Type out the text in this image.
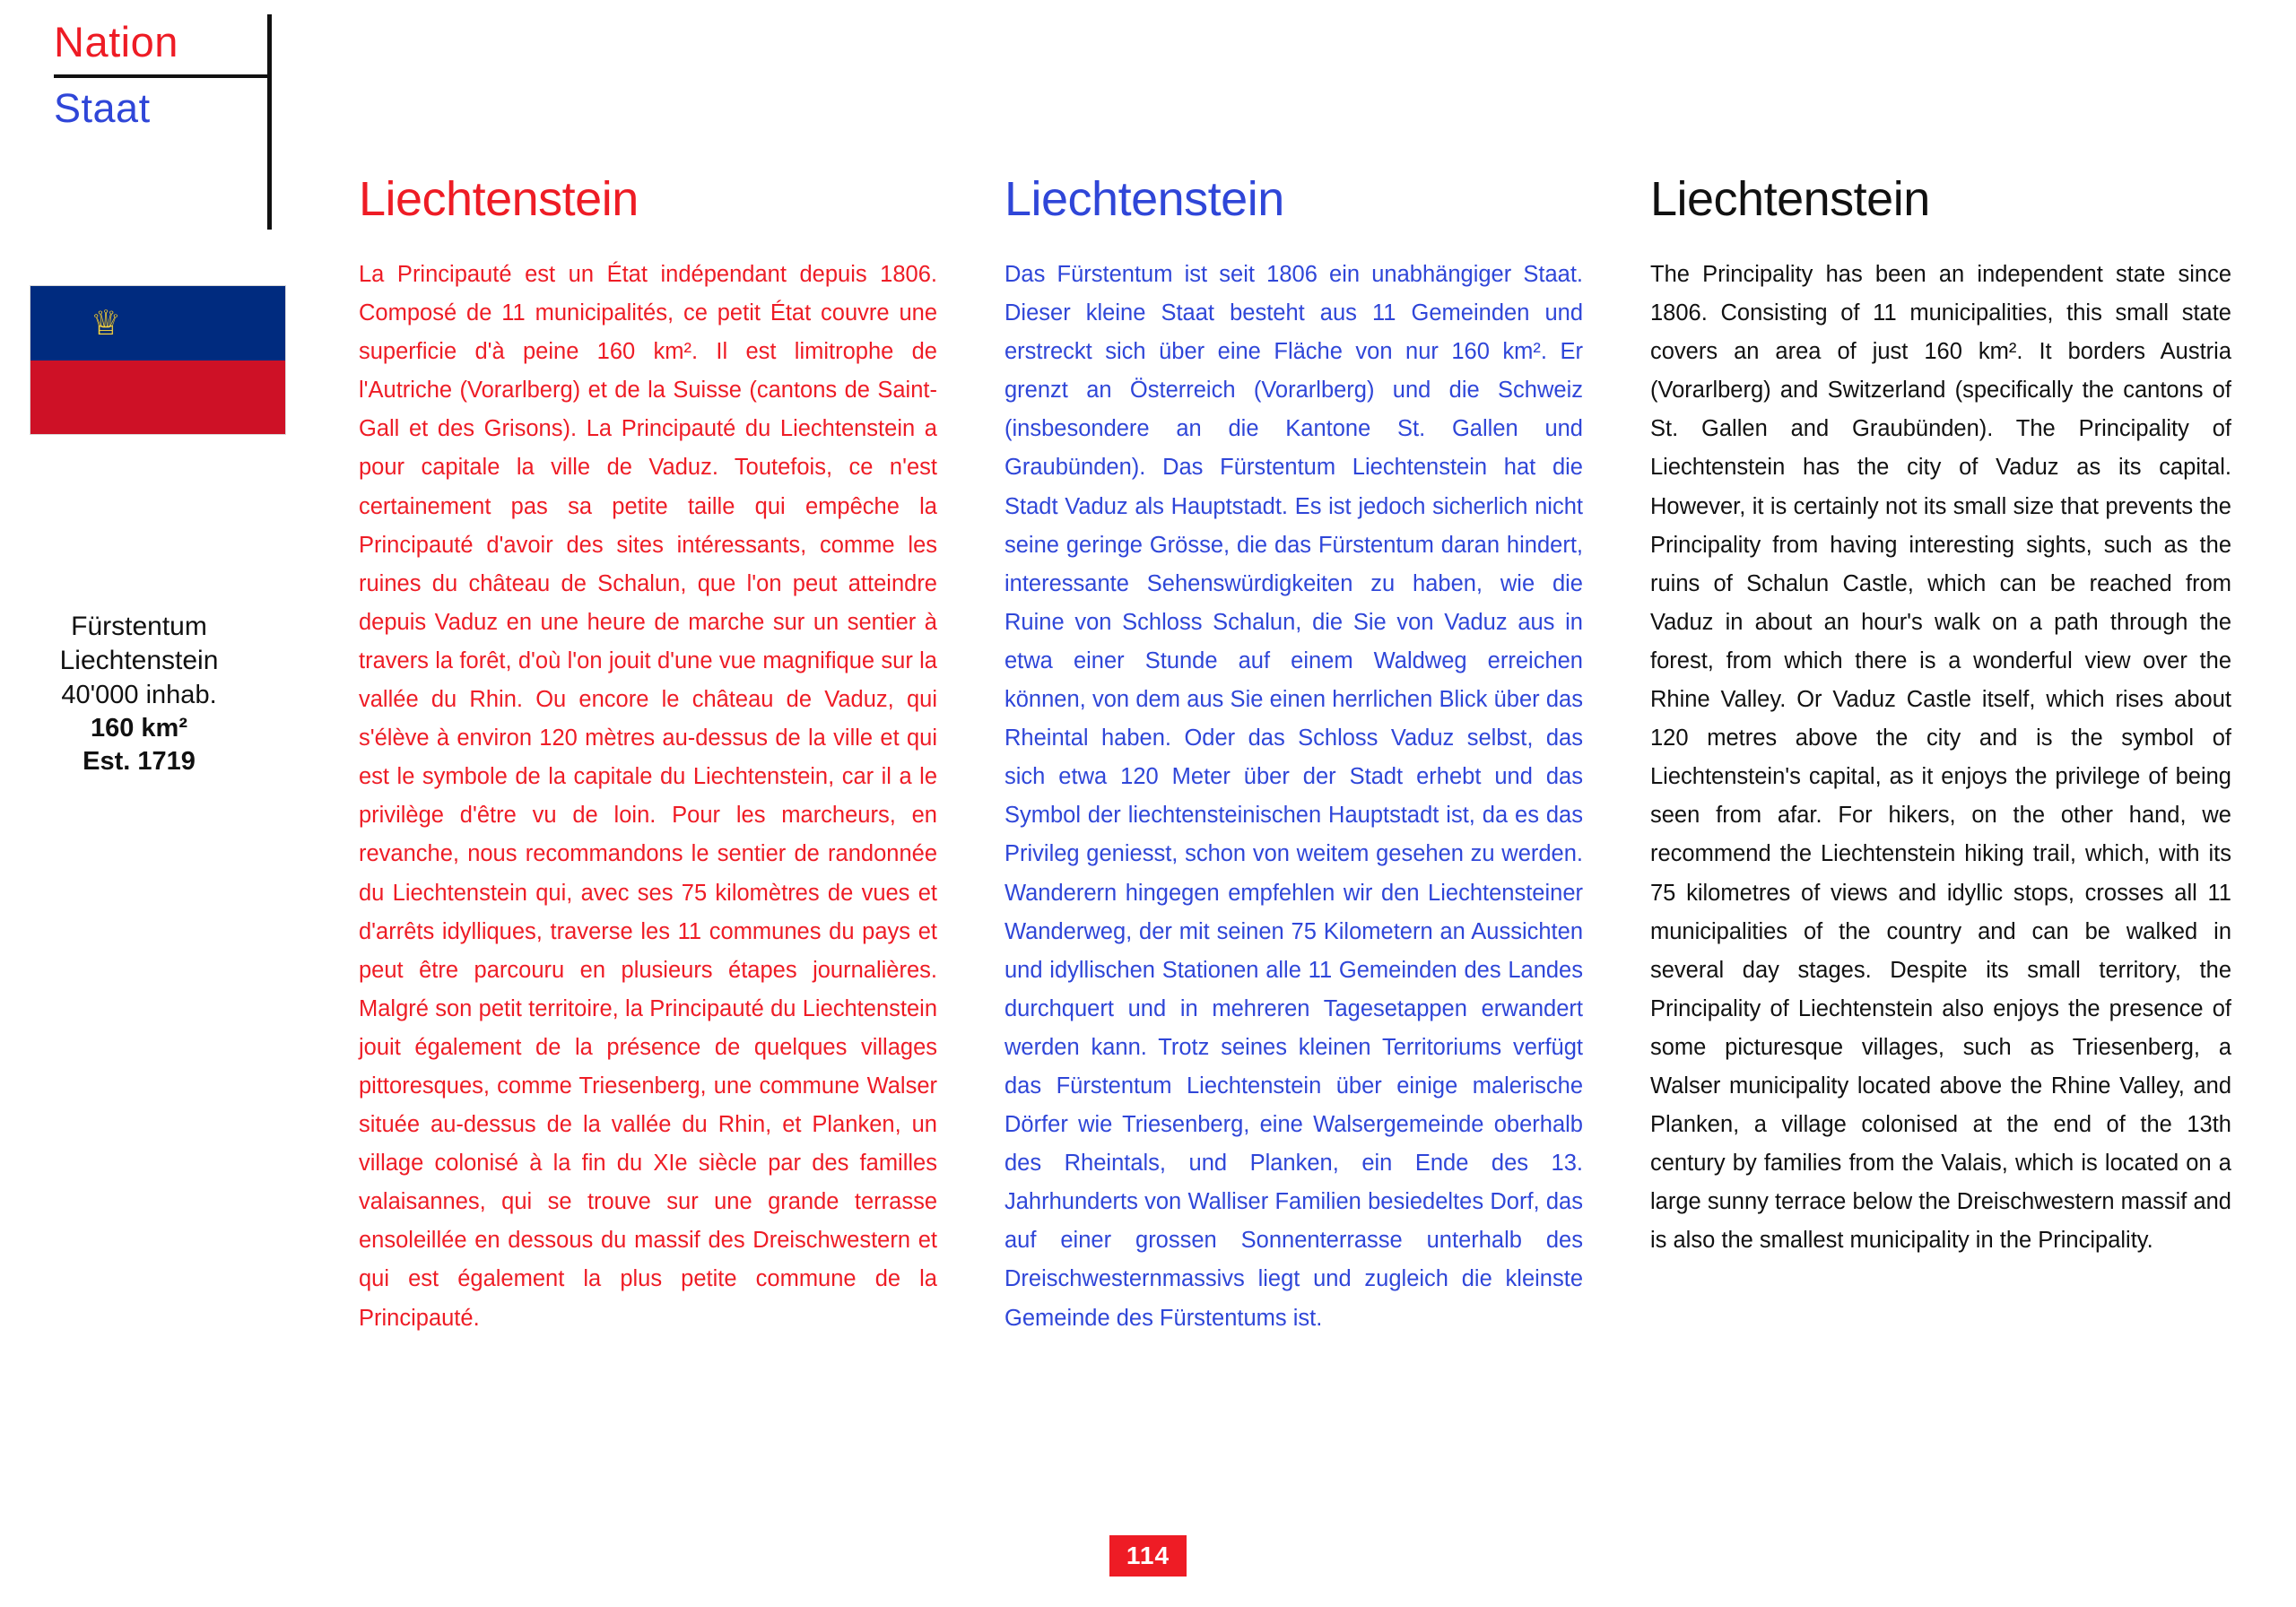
Nation
Staat
♕
Fürstentum
Liechtenstein
40'000 inhab.
160 km²
Est. 1719
Liechtenstein

La Principauté est un État indépendant depuis 1806. Composé de 11 municipalités, ce petit État couvre une superficie d'à peine 160 km². Il est limitrophe de l'Autriche (Vorarlberg) et de la Suisse (cantons de Saint-Gall et des Grisons). La Principauté du Liechtenstein a pour capitale la ville de Vaduz. Toutefois, ce n'est certainement pas sa petite taille qui empêche la Principauté d'avoir des sites intéressants, comme les ruines du château de Schalun, que l'on peut atteindre depuis Vaduz en une heure de marche sur un sentier à travers la forêt, d'où l'on jouit d'une vue magnifique sur la vallée du Rhin. Ou encore le château de Vaduz, qui s'élève à environ 120 mètres au-dessus de la ville et qui est le symbole de la capitale du Liechtenstein, car il a le privilège d'être vu de loin. Pour les marcheurs, en revanche, nous recommandons le sentier de randonnée du Liechtenstein qui, avec ses 75 kilomètres de vues et d'arrêts idylliques, traverse les 11 communes du pays et peut être parcouru en plusieurs étapes journalières. Malgré son petit territoire, la Principauté du Liechtenstein jouit également de la présence de quelques villages pittoresques, comme Triesenberg, une commune Walser située au-dessus de la vallée du Rhin, et Planken, un village colonisé à la fin du XIe siècle par des familles valaisannes, qui se trouve sur une grande terrasse ensoleillée en dessous du massif des Dreischwestern et qui est également la plus petite commune de la Principauté.

Liechtenstein

Das Fürstentum ist seit 1806 ein unabhängiger Staat. Dieser kleine Staat besteht aus 11 Gemeinden und erstreckt sich über eine Fläche von nur 160 km². Er grenzt an Österreich (Vorarlberg) und die Schweiz (insbesondere an die Kantone St. Gallen und Graubünden). Das Fürstentum Liechtenstein hat die Stadt Vaduz als Hauptstadt. Es ist jedoch sicherlich nicht seine geringe Grösse, die das Fürstentum daran hindert, interessante Sehenswürdigkeiten zu haben, wie die Ruine von Schloss Schalun, die Sie von Vaduz aus in etwa einer Stunde auf einem Waldweg erreichen können, von dem aus Sie einen herrlichen Blick über das Rheintal haben. Oder das Schloss Vaduz selbst, das sich etwa 120 Meter über der Stadt erhebt und das Symbol der liechtensteinischen Hauptstadt ist, da es das Privileg geniesst, schon von weitem gesehen zu werden. Wanderern hingegen empfehlen wir den Liechtensteiner Wanderweg, der mit seinen 75 Kilometern an Aussichten und idyllischen Stationen alle 11 Gemeinden des Landes durchquert und in mehreren Tagesetappen erwandert werden kann. Trotz seines kleinen Territoriums verfügt das Fürstentum Liechtenstein über einige malerische Dörfer wie Triesenberg, eine Walsergemeinde oberhalb des Rheintals, und Planken, ein Ende des 13. Jahrhunderts von Walliser Familien besiedeltes Dorf, das auf einer grossen Sonnenterrasse unterhalb des Dreischwesternmassivs liegt und zugleich die kleinste Gemeinde des Fürstentums ist.

Liechtenstein

The Principality has been an independent state since 1806. Consisting of 11 municipalities, this small state covers an area of just 160 km². It borders Austria (Vorarlberg) and Switzerland (specifically the cantons of St. Gallen and Graubünden). The Principality of Liechtenstein has the city of Vaduz as its capital. However, it is certainly not its small size that prevents the Principality from having interesting sights, such as the ruins of Schalun Castle, which can be reached from Vaduz in about an hour's walk on a path through the forest, from which there is a wonderful view over the Rhine Valley. Or Vaduz Castle itself, which rises about 120 metres above the city and is the symbol of Liechtenstein's capital, as it enjoys the privilege of being seen from afar. For hikers, on the other hand, we recommend the Liechtenstein hiking trail, which, with its 75 kilometres of views and idyllic stops, crosses all 11 municipalities of the country and can be walked in several day stages. Despite its small territory, the Principality of Liechtenstein also enjoys the presence of some picturesque villages, such as Triesenberg, a Walser municipality located above the Rhine Valley, and Planken, a village colonised at the end of the 13th century by families from the Valais, which is located on a large sunny terrace below the Dreischwestern massif and is also the smallest municipality in the Principality.

114
